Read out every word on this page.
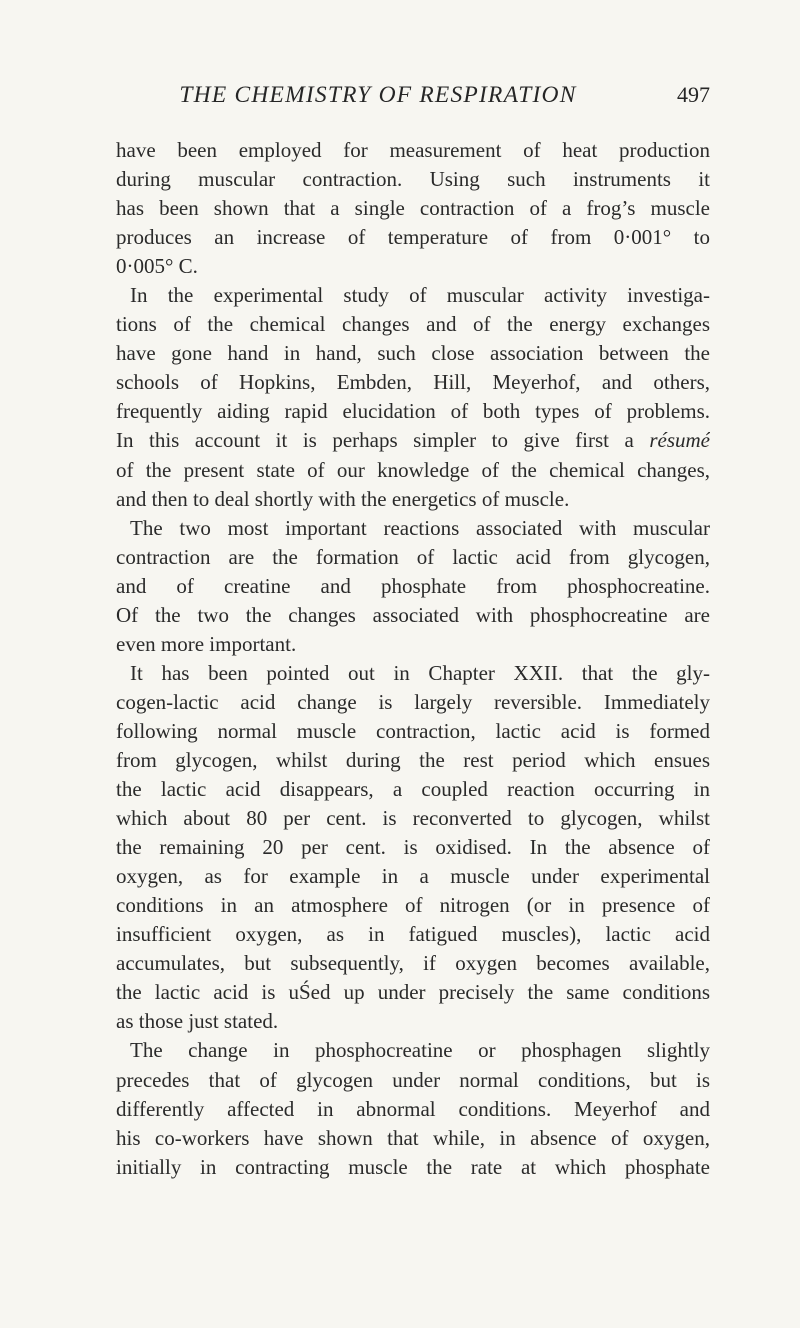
THE CHEMISTRY OF RESPIRATION	497
have been employed for measurement of heat production
during muscular contraction. Using such instruments it
has been shown that a single contraction of a frog’s muscle
produces an increase of temperature of from 0·001° to
0·005° C.
In the experimental study of muscular activity investiga-
tions of the chemical changes and of the energy exchanges
have gone hand in hand, such close association between the
schools of Hopkins, Embden, Hill, Meyerhof, and others,
frequently aiding rapid elucidation of both types of problems.
In this account it is perhaps simpler to give first a résumé
of the present state of our knowledge of the chemical changes,
and then to deal shortly with the energetics of muscle.
The two most important reactions associated with muscular
contraction are the formation of lactic acid from glycogen,
and of creatine and phosphate from phosphocreatine.
Of the two the changes associated with phosphocreatine are
even more important.
It has been pointed out in Chapter XXII. that the gly-
cogen-lactic acid change is largely reversible. Immediately
following normal muscle contraction, lactic acid is formed
from glycogen, whilst during the rest period which ensues
the lactic acid disappears, a coupled reaction occurring in
which about 80 per cent. is reconverted to glycogen, whilst
the remaining 20 per cent. is oxidised. In the absence of
oxygen, as for example in a muscle under experimental
conditions in an atmosphere of nitrogen (or in presence of
insufficient oxygen, as in fatigued muscles), lactic acid
accumulates, but subsequently, if oxygen becomes available,
the lactic acid is uŚed up under precisely the same conditions
as those just stated.
The change in phosphocreatine or phosphagen slightly
precedes that of glycogen under normal conditions, but is
differently affected in abnormal conditions. Meyerhof and
his co-workers have shown that while, in absence of oxygen,
initially in contracting muscle the rate at which phosphate
